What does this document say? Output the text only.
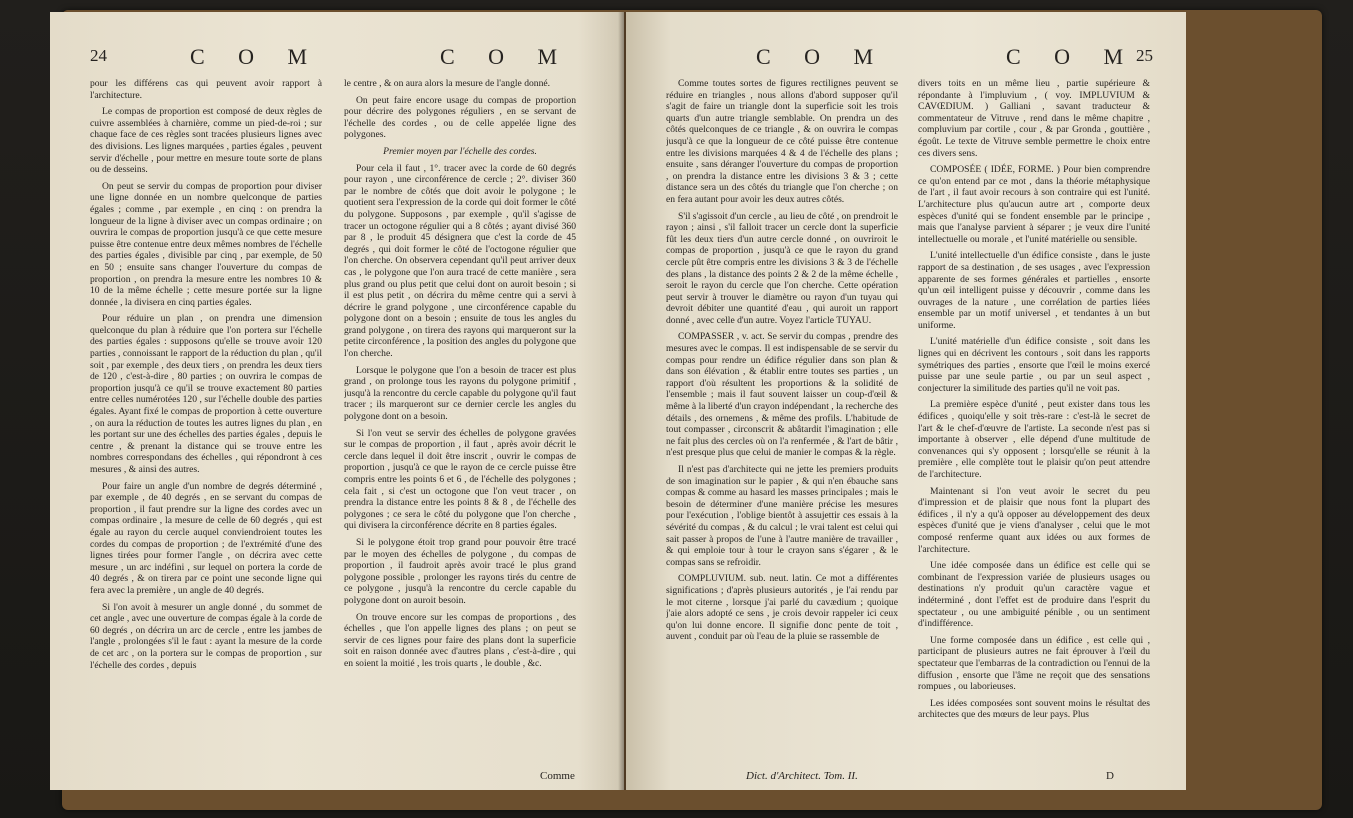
24	C O M	C O M

pour les différens cas qui peuvent avoir rapport à l'architecture.

Le compas de proportion est composé de deux règles de cuivre assemblées à charnière, comme un pied-de-roi ; sur chaque face de ces règles sont tracées plusieurs lignes avec des divisions. Les lignes marquées , parties égales , peuvent servir d'échelle , pour mettre en mesure toute sorte de plans ou de desseins.

On peut se servir du compas de proportion pour diviser une ligne donnée en un nombre quelconque de parties égales ; comme , par exemple , en cinq : on prendra la longueur de la ligne à diviser avec un compas ordinaire ; on ouvrira le compas de proportion jusqu'à ce que cette mesure puisse être contenue entre deux mêmes nombres de l'échelle des parties égales , divisible par cinq , par exemple, de 50 en 50 ; ensuite sans changer l'ouverture du compas de proportion , on prendra la mesure entre les nombres 10 & 10 de la même échelle ; cette mesure portée sur la ligne donnée , la divisera en cinq parties égales.

Pour réduire un plan , on prendra une dimension quelconque du plan à réduire que l'on portera sur l'échelle des parties égales : supposons qu'elle se trouve avoir 120 parties , connoissant le rapport de la réduction du plan , qu'il soit , par exemple , des deux tiers , on prendra les deux tiers de 120 , c'est-à-dire , 80 parties ; on ouvrira le compas de proportion jusqu'à ce qu'il se trouve exactement 80 parties entre celles numérotées 120 , sur l'échelle double des parties égales. Ayant fixé le compas de proportion à cette ouverture , on aura la réduction de toutes les autres lignes du plan , en les portant sur une des échelles des parties égales , depuis le centre , & prenant la distance qui se trouve entre les nombres correspondans des échelles , qui répondront à ces mesures , & ainsi des autres.

Pour faire un angle d'un nombre de degrés déterminé , par exemple , de 40 degrés , en se servant du compas de proportion , il faut prendre sur la ligne des cordes avec un compas ordinaire , la mesure de celle de 60 degrés , qui est égale au rayon du cercle auquel conviendroient toutes les cordes du compas de proportion ; de l'extrémité d'une des lignes tirées pour former l'angle , on décrira avec cette mesure , un arc indéfini , sur lequel on portera la corde de 40 degrés , & on tirera par ce point une seconde ligne qui fera avec la première , un angle de 40 degrés.

Si l'on avoit à mesurer un angle donné , du sommet de cet angle , avec une ouverture de compas égale à la corde de 60 degrés , on décrira un arc de cercle , entre les jambes de l'angle , prolongées s'il le faut : ayant la mesure de la corde de cet arc , on la portera sur le compas de proportion , sur l'échelle des cordes , depuis

le centre , & on aura alors la mesure de l'angle donné.

On peut faire encore usage du compas de proportion pour décrire des polygones réguliers , en se servant de l'échelle des cordes , ou de celle appelée ligne des polygones.

Premier moyen par l'échelle des cordes.

Pour cela il faut , 1°. tracer avec la corde de 60 degrés pour rayon , une circonférence de cercle ; 2°. diviser 360 par le nombre de côtés que doit avoir le polygone ; le quotient sera l'expression de la corde qui doit former le côté du polygone. Supposons , par exemple , qu'il s'agisse de tracer un octogone régulier qui a 8 côtés ; ayant divisé 360 par 8 , le produit 45 désignera que c'est la corde de 45 degrés , qui doit former le côté de l'octogone régulier que l'on cherche. On observera cependant qu'il peut arriver deux cas , le polygone que l'on aura tracé de cette manière , sera plus grand ou plus petit que celui dont on auroit besoin ; si il est plus petit , on décrira du même centre qui a servi à décrire le grand polygone , une circonférence capable du polygone dont on a besoin ; ensuite de tous les angles du grand polygone , on tirera des rayons qui marqueront sur la petite circonférence , la position des angles du polygone que l'on cherche.

Lorsque le polygone que l'on a besoin de tracer est plus grand , on prolonge tous les rayons du polygone primitif , jusqu'à la rencontre du cercle capable du polygone qu'il faut tracer ; ils marqueront sur ce dernier cercle les angles du polygone dont on a besoin.

Si l'on veut se servir des échelles de polygone gravées sur le compas de proportion , il faut , après avoir décrit le cercle dans lequel il doit être inscrit , ouvrir le compas de proportion , jusqu'à ce que le rayon de ce cercle puisse être compris entre les points 6 et 6 , de l'échelle des polygones ; cela fait , si c'est un octogone que l'on veut tracer , on prendra la distance entre les points 8 & 8 , de l'échelle des polygones ; ce sera le côté du polygone que l'on cherche , qui divisera la circonférence décrite en 8 parties égales.

Si le polygone étoit trop grand pour pouvoir être tracé par le moyen des échelles de polygone , du compas de proportion , il faudroit après avoir tracé le plus grand polygone possible , prolonger les rayons tirés du centre de ce polygone , jusqu'à la rencontre du cercle capable du polygone dont on auroit besoin.

On trouve encore sur les compas de proportions , des échelles , que l'on appelle lignes des plans ; on peut se servir de ces lignes pour faire des plans dont la superficie soit en raison donnée avec d'autres plans , c'est-à-dire , qui en soient la moitié , les trois quarts , le double , &c.

Comme
C O M	C O M
25

Comme toutes sortes de figures rectilignes peuvent se réduire en triangles , nous allons d'abord supposer qu'il s'agit de faire un triangle dont la superficie soit les trois quarts d'un autre triangle semblable. On prendra un des côtés quelconques de ce triangle , & on ouvrira le compas jusqu'à ce que la longueur de ce côté puisse être contenue entre les divisions marquées 4 & 4 de l'échelle des plans ; ensuite , sans déranger l'ouverture du compas de proportion , on prendra la distance entre les divisions 3 & 3 ; cette distance sera un des côtés du triangle que l'on cherche ; on en fera autant pour avoir les deux autres côtés.

S'il s'agissoit d'un cercle , au lieu de côté , on prendroit le rayon ; ainsi , s'il falloit tracer un cercle dont la superficie fût les deux tiers d'un autre cercle donné , on ouvriroit le compas de proportion , jusqu'à ce que le rayon du grand cercle pût être compris entre les divisions 3 & 3 de l'échelle des plans , la distance des points 2 & 2 de la même échelle , seroit le rayon du cercle que l'on cherche. Cette opération peut servir à trouver le diamètre ou rayon d'un tuyau qui devroit débiter une quantité d'eau , qui auroit un rapport donné , avec celle d'un autre. Voyez l'article TUYAU.

COMPASSER , v. act. Se servir du compas , prendre des mesures avec le compas. Il est indispensable de se servir du compas pour rendre un édifice régulier dans son plan & dans son élévation , & établir entre toutes ses parties , un rapport d'où résultent les proportions & la solidité de l'ensemble ; mais il faut souvent laisser un coup-d'œil & même à la liberté d'un crayon indépendant , la recherche des détails , des ornemens , & même des profils. L'habitude de tout compasser , circonscrit & abâtardit l'imagination ; elle ne fait plus des cercles où on l'a renfermée , & l'art de bâtir , n'est presque plus que celui de manier le compas & la règle.

Il n'est pas d'architecte qui ne jette les premiers produits de son imagination sur le papier , & qui n'en ébauche sans compas & comme au hasard les masses principales ; mais le besoin de déterminer d'une manière précise les mesures pour l'exécution , l'oblige bientôt à assujettir ces essais à la sévérité du compas , & du calcul ; le vrai talent est celui qui sait passer à propos de l'une à l'autre manière de travailler , & qui emploie tour à tour le crayon sans s'égarer , & le compas sans se refroidir.

COMPLUVIUM. sub. neut. latin. Ce mot a différentes significations ; d'après plusieurs autorités , je l'ai rendu par le mot citerne , lorsque j'ai parlé du cavædium ; quoique j'aie alors adopté ce sens , je crois devoir rappeler ici ceux qu'on lui donne encore. Il signifie donc pente de toit , auvent , conduit par où l'eau de la pluie se rassemble de

divers toits en un même lieu , partie supérieure & répondante à l'impluvium , ( voy. IMPLUVIUM & CAVŒDIUM. ) Galliani , savant traducteur & commentateur de Vitruve , rend dans le même chapitre , compluvium par cortile , cour , & par Gronda , gouttière , égoût. Le texte de Vitruve semble permettre le choix entre ces divers sens.

COMPOSÉE ( IDÉE, FORME. ) Pour bien comprendre ce qu'on entend par ce mot , dans la théorie métaphysique de l'art , il faut avoir recours à son contraire qui est l'unité. L'architecture plus qu'aucun autre art , comporte deux espèces d'unité qui se fondent ensemble par le principe , mais que l'analyse parvient à séparer ; je veux dire l'unité intellectuelle ou morale , et l'unité matérielle ou sensible.

L'unité intellectuelle d'un édifice consiste , dans le juste rapport de sa destination , de ses usages , avec l'expression apparente de ses formes générales et partielles , ensorte qu'un œil intelligent puisse y découvrir , comme dans les ouvrages de la nature , une corrélation de parties liées ensemble par un motif universel , et tendantes à un but uniforme.

L'unité matérielle d'un édifice consiste , soit dans les lignes qui en décrivent les contours , soit dans les rapports symétriques des parties , ensorte que l'œil le moins exercé puisse par une seule partie , ou par un seul aspect , conjecturer la similitude des parties qu'il ne voit pas.

La première espèce d'unité , peut exister dans tous les édifices , quoiqu'elle y soit très-rare : c'est-là le secret de l'art & le chef-d'œuvre de l'artiste. La seconde n'est pas si importante à observer , elle dépend d'une multitude de convenances qui s'y opposent ; lorsqu'elle se réunit à la première , elle complète tout le plaisir qu'on peut attendre de l'architecture.

Maintenant si l'on veut avoir le secret du peu d'impression et de plaisir que nous font la plupart des édifices , il n'y a qu'à opposer au développement des deux espèces d'unité que je viens d'analyser , celui que le mot composé renferme quant aux idées ou aux formes de l'architecture.

Une idée composée dans un édifice est celle qui se combinant de l'expression variée de plusieurs usages ou destinations n'y produit qu'un caractère vague et indéterminé , dont l'effet est de produire dans l'esprit du spectateur , ou une ambiguité pénible , ou un sentiment d'indifférence.

Une forme composée dans un édifice , est celle qui , participant de plusieurs autres ne fait éprouver à l'œil du spectateur que l'embarras de la contradiction ou l'ennui de la diffusion , ensorte que l'âme ne reçoit que des sensations rompues , ou laborieuses.

Les idées composées sont souvent moins le résultat des architectes que des mœurs de leur pays. Plus

Dict. d'Architect. Tom. II.	D
